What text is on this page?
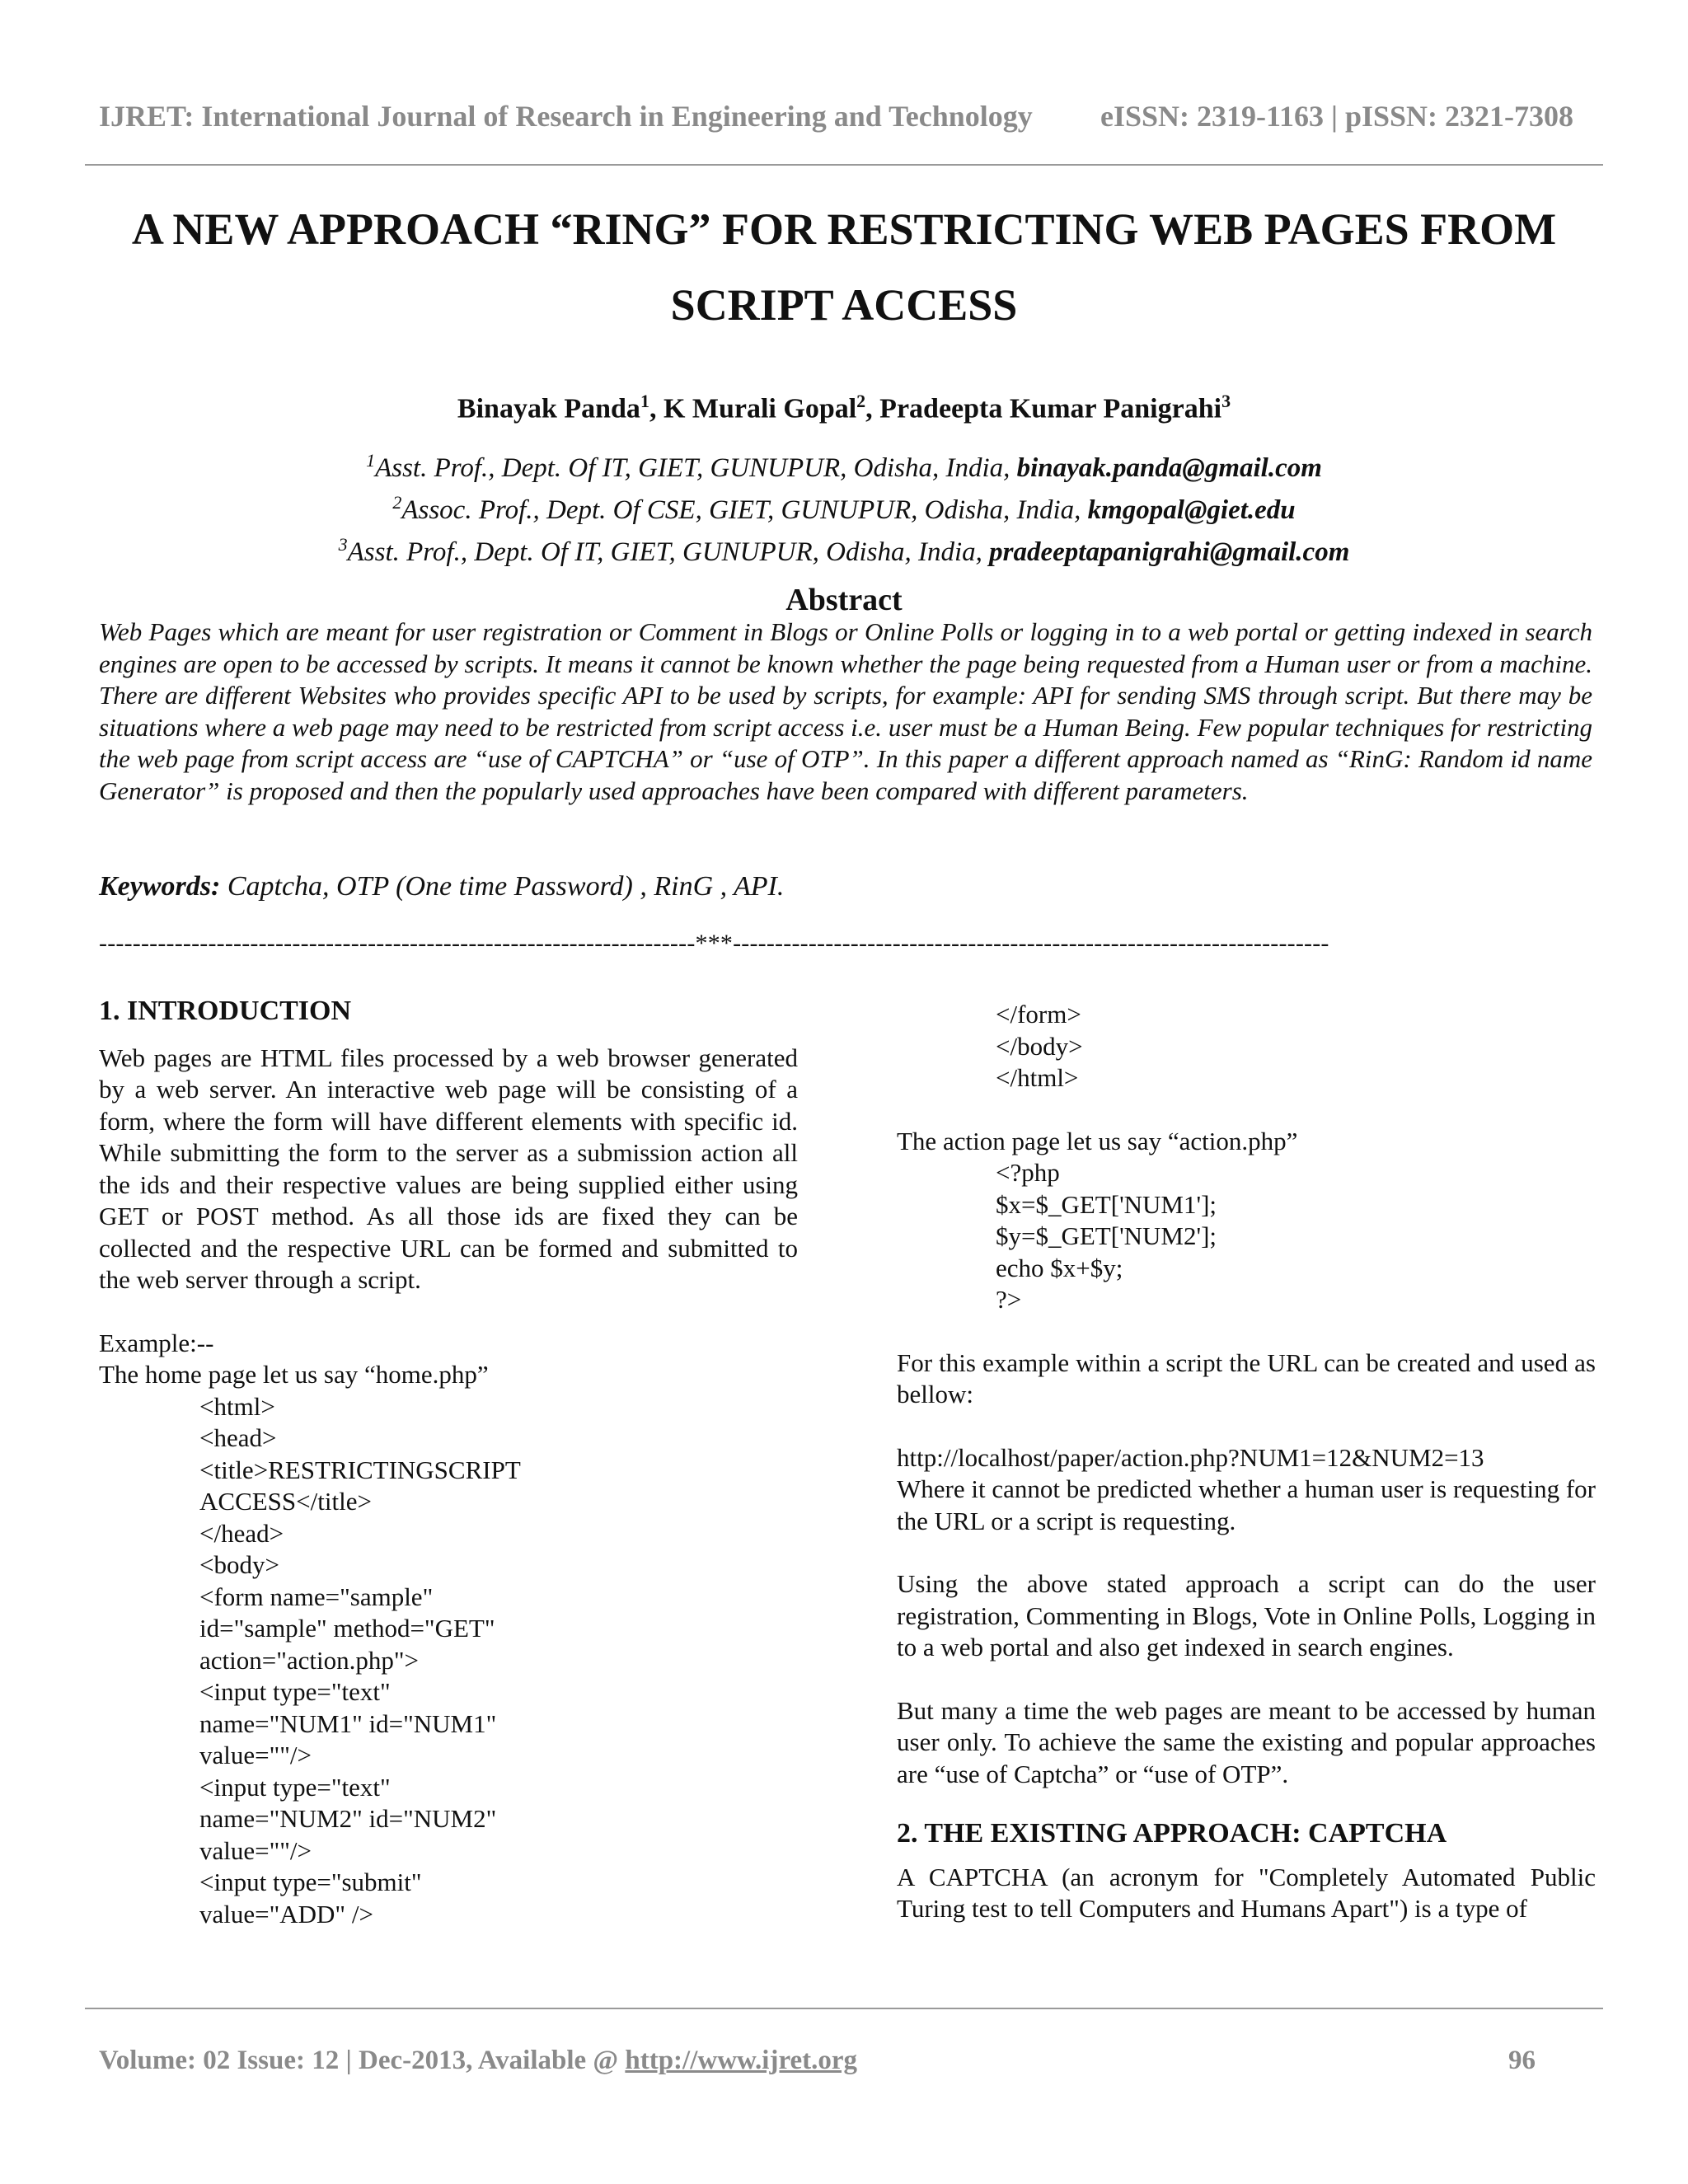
IJRET: International Journal of Research in Engineering and Technology eISSN: 2319-1163 | pISSN: 2321-7308
A NEW APPROACH “RING” FOR RESTRICTING WEB PAGES FROM
SCRIPT ACCESS
Binayak Panda$^1$, K Murali Gopal$^2$, Pradeepta Kumar Panigrahi$^3$
$^1$Asst. Prof., Dept. Of IT, GIET, GUNUPUR, Odisha, India, binayak.panda@gmail.com
$^2$Assoc. Prof., Dept. Of CSE, GIET, GUNUPUR, Odisha, India, kmgopal@giet.edu
$^3$Asst. Prof., Dept. Of IT, GIET, GUNUPUR, Odisha, India, pradeeptapanigrahi@gmail.com
Abstract
Web Pages which are meant for user registration or Comment in Blogs or Online Polls or logging in to a web portal or getting indexed in search engines are open to be accessed by scripts. It means it cannot be known whether the page being requested from a Human user or from a machine. There are different Websites who provides specific API to be used by scripts, for example: API for sending SMS through script. But there may be situations where a web page may need to be restricted from script access i.e. user must be a Human Being. Few popular techniques for restricting the web page from script access are “use of CAPTCHA” or “use of OTP”. In this paper a different approach named as “RinG: Random id name Generator” is proposed and then the popularly used approaches have been compared with different parameters.
Keywords: Captcha, OTP (One time Password) , RinG , API.
-----------------------------------------------------------------------***-----------------------------------------------------------------------
1. INTRODUCTION

Web pages are HTML files processed by a web browser generated by a web server. An interactive web page will be consisting of a form, where the form will have different elements with specific id. While submitting the form to the server as a submission action all the ids and their respective values are being supplied either using GET or POST method. As all those ids are fixed they can be collected and the respective URL can be formed and submitted to the web server through a script.

Example:--

The home page let us say “home.php”

<html>
<head>
<title>RESTRICTINGSCRIPT
ACCESS</title>
</head>
<body>
<form name="sample"
id="sample" method="GET"
action="action.php">
<input type="text"
name="NUM1" id="NUM1"
value=""/>
<input type="text"
name="NUM2" id="NUM2"
value=""/>
<input type="submit"
value="ADD" />
</form>
</body>
</html>

The action page let us say “action.php”

<?php
$x=$_GET['NUM1'];
$y=$_GET['NUM2'];
echo $x+$y;
?>

For this example within a script the URL can be created and used as bellow:

http://localhost/paper/action.php?NUM1=12&NUM2=13

Where it cannot be predicted whether a human user is requesting for the URL or a script is requesting.

Using the above stated approach a script can do the user registration, Commenting in Blogs, Vote in Online Polls, Logging in to a web portal and also get indexed in search engines.

But many a time the web pages are meant to be accessed by human user only. To achieve the same the existing and popular approaches are “use of Captcha” or “use of OTP”.

2. THE EXISTING APPROACH: CAPTCHA

A CAPTCHA (an acronym for "Completely Automated Public Turing test to tell Computers and Humans Apart") is a type of

Volume: 02 Issue: 12 | Dec-2013, Available @ http://www.ijret.org	96
